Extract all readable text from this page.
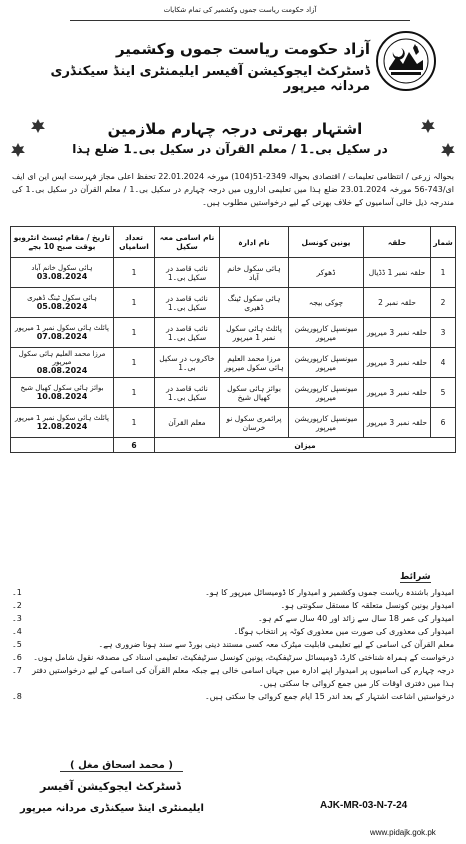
آزاد حکومت ریاست جموں وکشمیر کی تمام شکایات
آزاد حکومت ریاست جموں وکشمیر
ڈسٹرکٹ ایجوکیشن آفیسر ایلیمنٹری اینڈ سیکنڈری مردانہ میرپور
اشتہار بھرتی درجہ چہارم ملازمین
در سکیل بی۔1 / معلم القرآن در سکیل بی۔1 ضلع ہذا
بحوالہ زرعی / انتظامی تعلیمات / اقتصادی بحوالہ 2349-51(104) مورخہ 22.01.2024 تحفظ اعلی مجاز فہرست ایس این ای ایف ای/743-56 مورخہ 23.01.2024 ضلع ہذا میں تعلیمی اداروں میں درجہ چہارم در سکیل بی۔1 / معلم القرآن در سکیل بی۔1 کی مندرجہ ذیل خالی آسامیوں کے خلاف بھرتی کے لیے درخواستیں مطلوب ہیں۔
شمار	حلقہ	یونین کونسل	نام ادارہ	نام اسامی معہ سکیل	تعداد اسامیاں	تاریخ / مقام ٹیسٹ انٹرویو بوقت صبح 10 بجے
1	حلقہ نمبر 1 ڈڈیال	ڈھوکر	ہائی سکول خانم آباد	نائب قاصد در سکیل بی۔1	1	ہائی سکول خانم آباد
03.08.2024

2	حلقہ نمبر 2	چوکی بیجہ	ہائی سکول ٹینگ ڈھیری	نائب قاصد در سکیل بی۔1	1	ہائی سکول ٹینگ ڈھیری
05.08.2024

3	حلقہ نمبر 3 میرپور	میونسپل کارپوریشن میرپور	پائلٹ ہائی سکول نمبر 1 میرپور	نائب قاصد در سکیل بی۔1	1	پائلٹ ہائی سکول نمبر 1 میرپور
07.08.2024

4	حلقہ نمبر 3 میرپور	میونسپل کارپوریشن میرپور	مرزا محمد العلیم ہائی سکول میرپور	خاکروب در سکیل بی۔1	1	مرزا محمد العلیم ہائی سکول میرپور
08.08.2024

5	حلقہ نمبر 3 میرپور	میونسپل کارپوریشن میرپور	بوائز ہائی سکول کھیال شیخ	نائب قاصد در سکیل بی۔1	1	بوائز ہائی سکول کھیال شیخ
10.08.2024

6	حلقہ نمبر 3 میرپور	میونسپل کارپوریشن میرپور	پرائمری سکول نو خرسان	معلم القرآن	1	پائلٹ ہائی سکول نمبر 1 میرپور
12.08.2024

میزان					6	
شرائط
امیدوار باشندہ ریاست جموں وکشمیر و امیدوار کا ڈومیسائل میرپور کا ہو۔
1۔
امیدوار یونین کونسل متعلقہ کا مستقل سکونتی ہو۔
2۔
امیدوار کی عمر 18 سال سے زائد اور 40 سال سے کم ہو۔
3۔
امیدوار کی معذوری کی صورت میں معذوری کوٹہ پر انتخاب ہوگا۔
4۔
معلم القرآن کی اسامی کے لیے تعلیمی قابلیت میٹرک معہ کسی مستند دینی بورڈ سے سند ہونا ضروری ہے۔
5۔
درخواست کے ہمراہ شناختی کارڈ، ڈومیسائل سرٹیفکیٹ، یونین کونسل سرٹیفکیٹ، تعلیمی اسناد کی مصدقہ نقول شامل ہوں۔
6۔
درجہ چہارم کی اسامیوں پر امیدوار اپنے ادارہ میں جہاں اسامی خالی ہے جبکہ معلم القرآن کی اسامی کے لیے درخواستیں دفتر ہذا میں دفتری اوقات کار میں جمع کروائی جا سکتی ہیں۔
7۔
درخواستیں اشاعت اشتہار کے بعد اندر 15 ایام جمع کروائی جا سکتی ہیں۔
8۔
( محمد اسحاق مغل )
ڈسٹرکٹ ایجوکیشن آفیسر
ایلیمنٹری اینڈ سیکنڈری مردانہ میرپور	AJK-MR-03-N-7-24
www.pidajk.gok.pk
